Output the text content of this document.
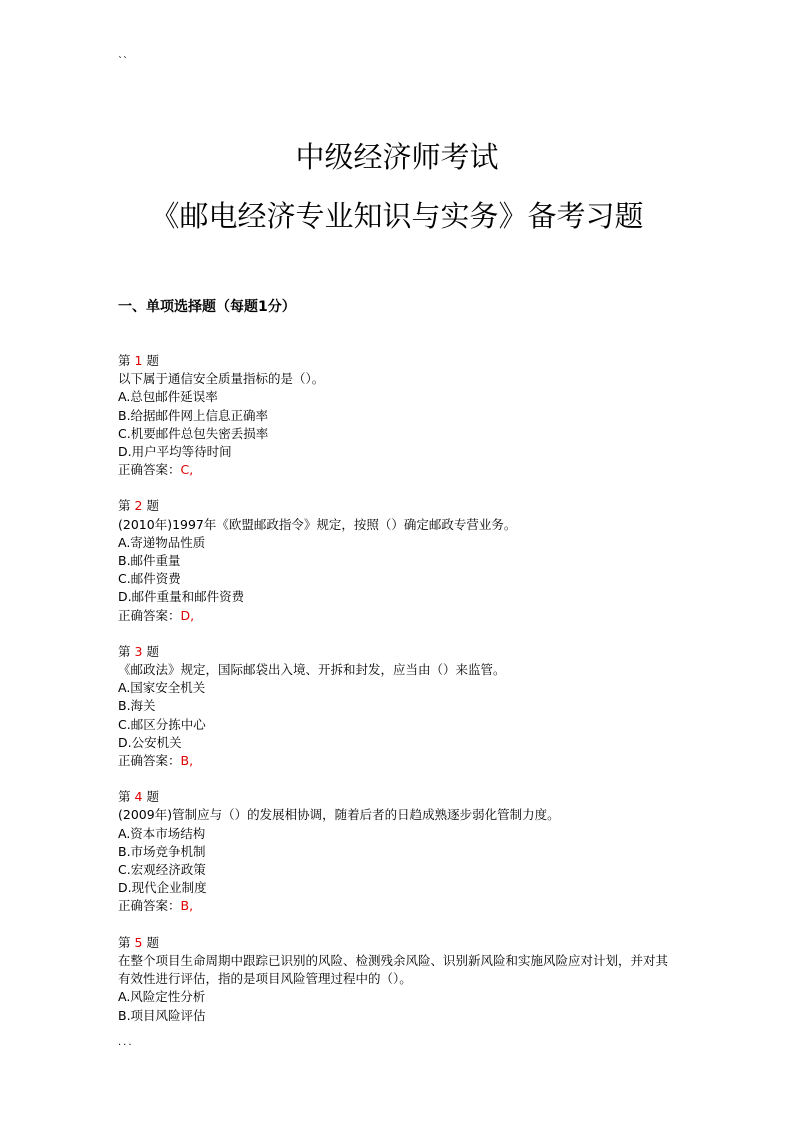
``
中级经济师考试
《邮电经济专业知识与实务》备考习题
一、单项选择题（每题1分）
第 1 题
以下属于通信安全质量指标的是（）。
A.总包邮件延误率
B.给据邮件网上信息正确率
C.机要邮件总包失密丢损率
D.用户平均等待时间
正确答案：C,
第 2 题
(2010年)1997年《欧盟邮政指令》规定，按照（）确定邮政专营业务。
A.寄递物品性质
B.邮件重量
C.邮件资费
D.邮件重量和邮件资费
正确答案：D,
第 3 题
《邮政法》规定，国际邮袋出入境、开拆和封发，应当由（）来监管。
A.国家安全机关
B.海关
C.邮区分拣中心
D.公安机关
正确答案：B,
第 4 题
(2009年)管制应与（）的发展相协调，随着后者的日趋成熟逐步弱化管制力度。
A.资本市场结构
B.市场竞争机制
C.宏观经济政策
D.现代企业制度
正确答案：B,
第 5 题
在整个项目生命周期中跟踪已识别的风险、检测残余风险、识别新风险和实施风险应对计划，并对其有效性进行评估，指的是项目风险管理过程中的（）。
A.风险定性分析
B.项目风险评估
...
